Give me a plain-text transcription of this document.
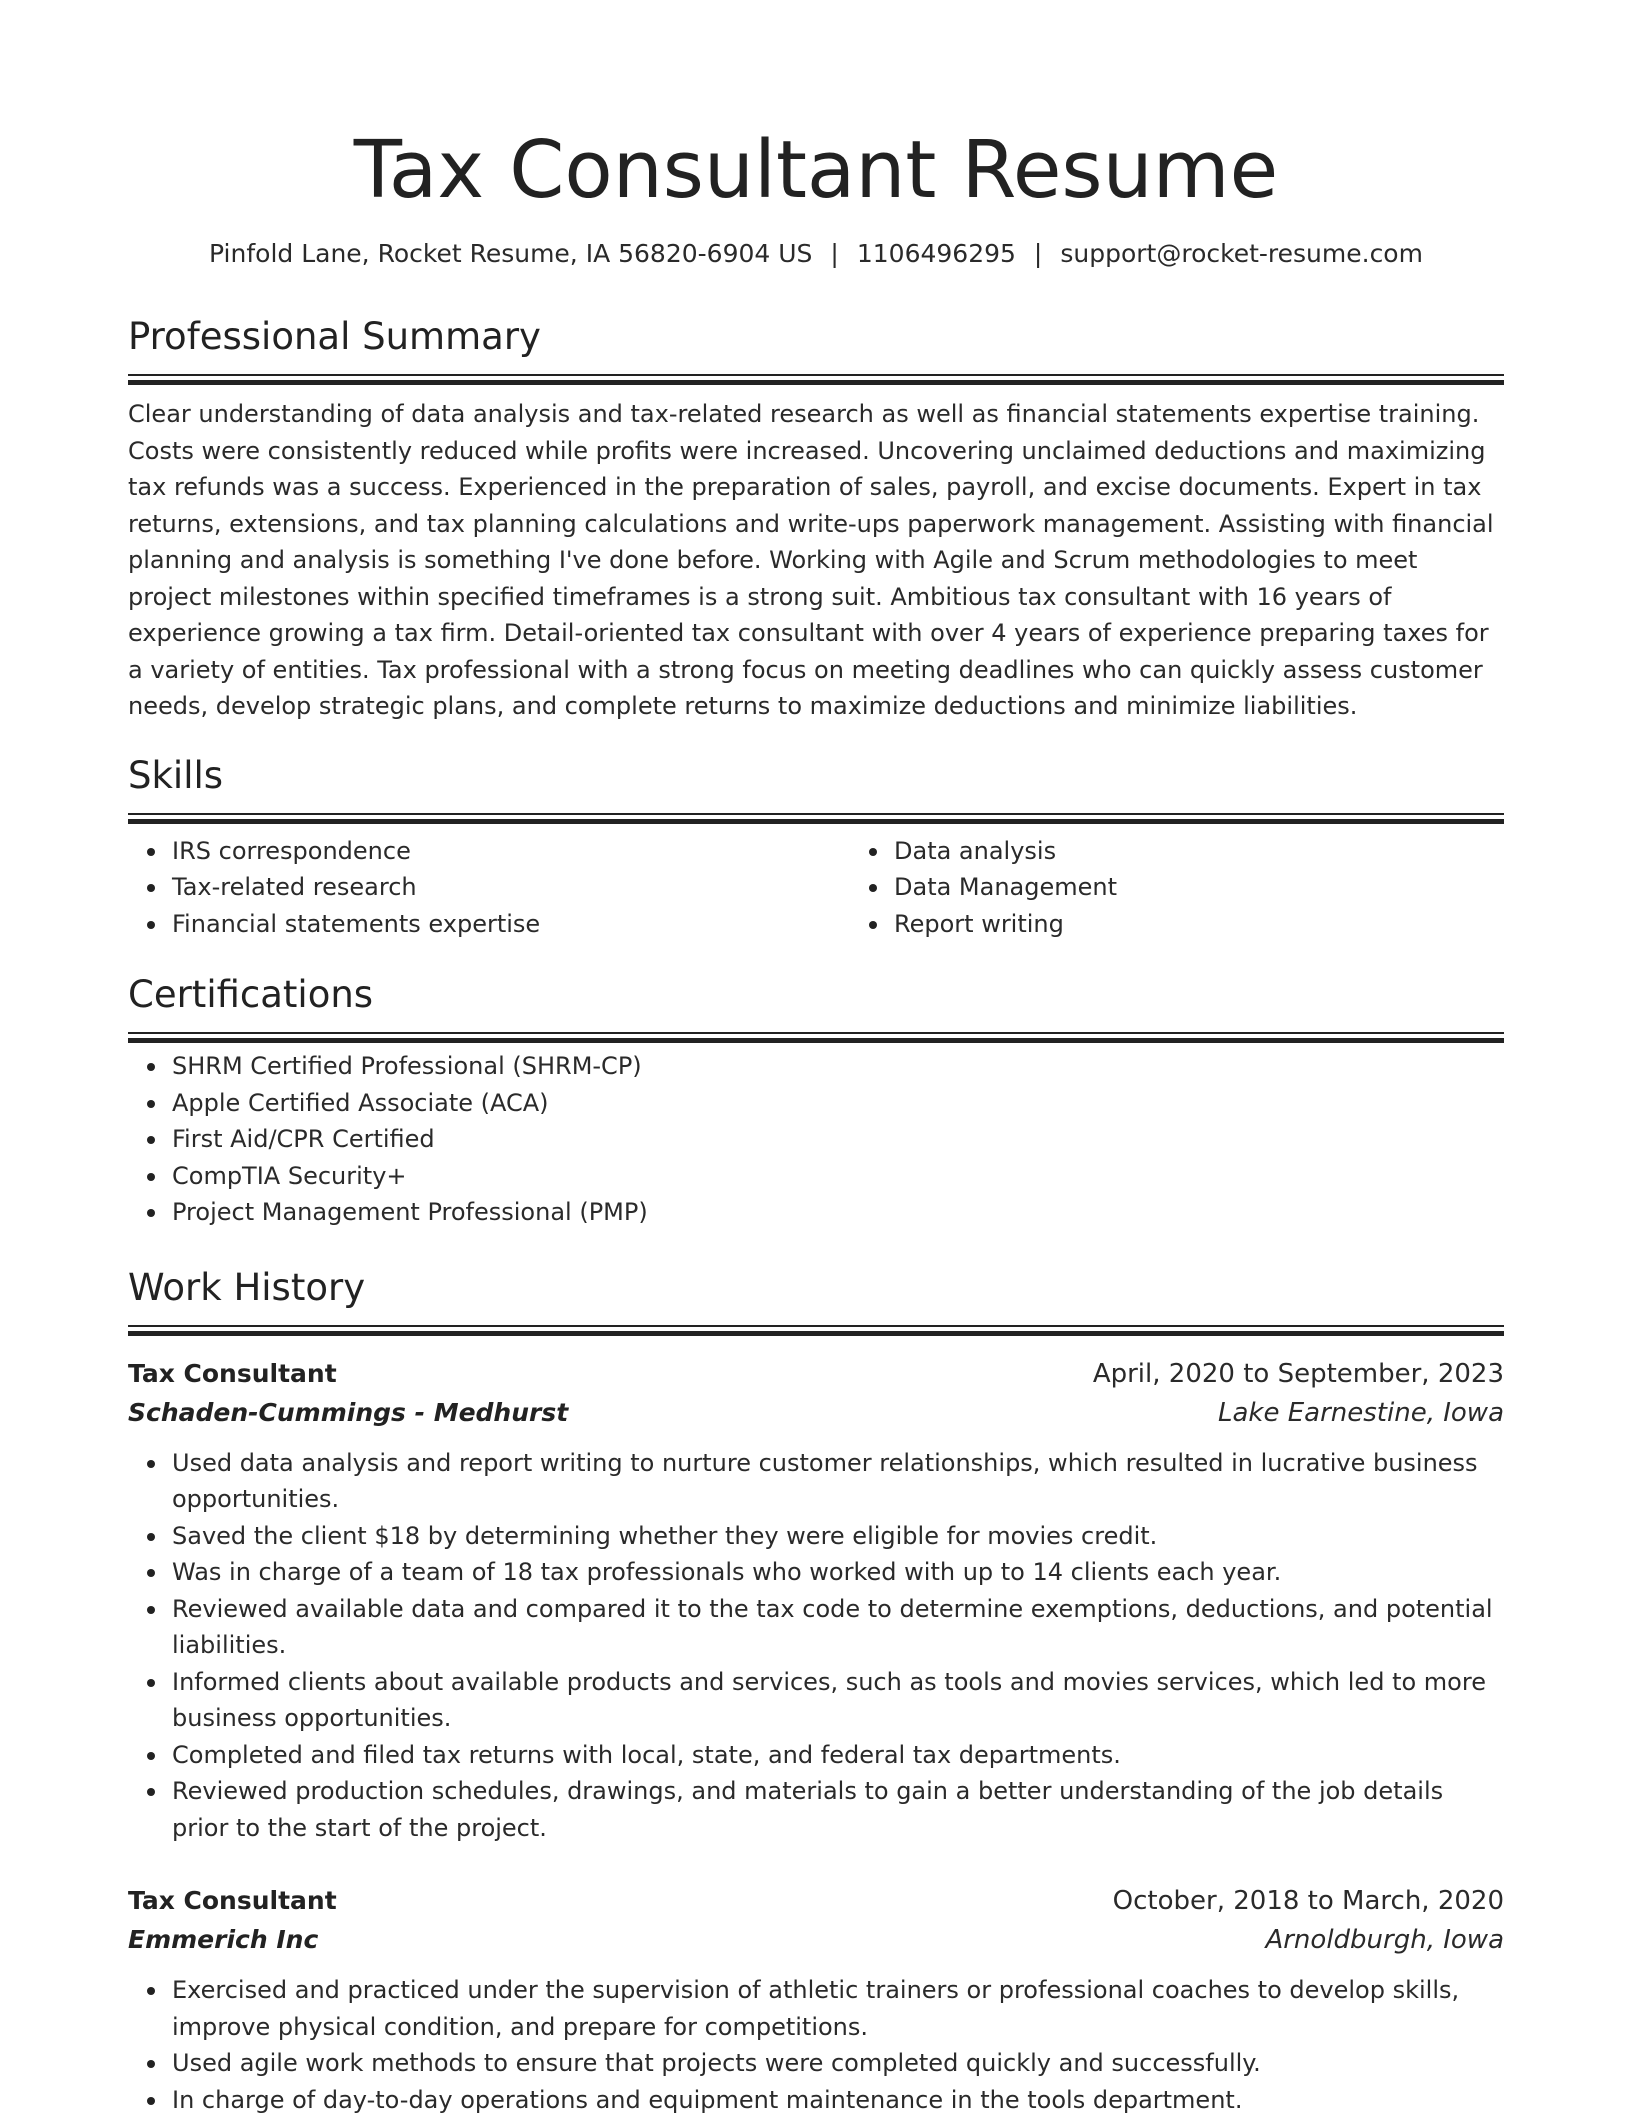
Tax Consultant Resume
Pinfold Lane, Rocket Resume, IA 56820-6904 US | 1106496295 | support@rocket-resume.com
Professional Summary

Clear understanding of data analysis and tax-related research as well as financial statements expertise training. Costs were consistently reduced while profits were increased. Uncovering unclaimed deductions and maximizing tax refunds was a success. Experienced in the preparation of sales, payroll, and excise documents. Expert in tax returns, extensions, and tax planning calculations and write-ups paperwork management. Assisting with financial planning and analysis is something I've done before. Working with Agile and Scrum methodologies to meet project milestones within specified timeframes is a strong suit. Ambitious tax consultant with 16 years of experience growing a tax firm. Detail-oriented tax consultant with over 4 years of experience preparing taxes for a variety of entities. Tax professional with a strong focus on meeting deadlines who can quickly assess customer needs, develop strategic plans, and complete returns to maximize deductions and minimize liabilities.

Skills
IRS correspondence
Tax-related research
Financial statements expertise
Data analysis
Data Management
Report writing
Certifications
SHRM Certified Professional (SHRM-CP)
Apple Certified Associate (ACA)
First Aid/CPR Certified
CompTIA Security+
Project Management Professional (PMP)
Work History
Tax Consultant	April, 2020 to September, 2023
Schaden-Cummings - Medhurst	Lake Earnestine, Iowa
Used data analysis and report writing to nurture customer relationships, which resulted in lucrative business opportunities.
Saved the client $18 by determining whether they were eligible for movies credit.
Was in charge of a team of 18 tax professionals who worked with up to 14 clients each year.
Reviewed available data and compared it to the tax code to determine exemptions, deductions, and potential liabilities.
Informed clients about available products and services, such as tools and movies services, which led to more business opportunities.
Completed and filed tax returns with local, state, and federal tax departments.
Reviewed production schedules, drawings, and materials to gain a better understanding of the job details prior to the start of the project.
Tax Consultant	October, 2018 to March, 2020
Emmerich Inc	Arnoldburgh, Iowa
Exercised and practiced under the supervision of athletic trainers or professional coaches to develop skills, improve physical condition, and prepare for competitions.
Used agile work methods to ensure that projects were completed quickly and successfully.
In charge of day-to-day operations and equipment maintenance in the tools department.
